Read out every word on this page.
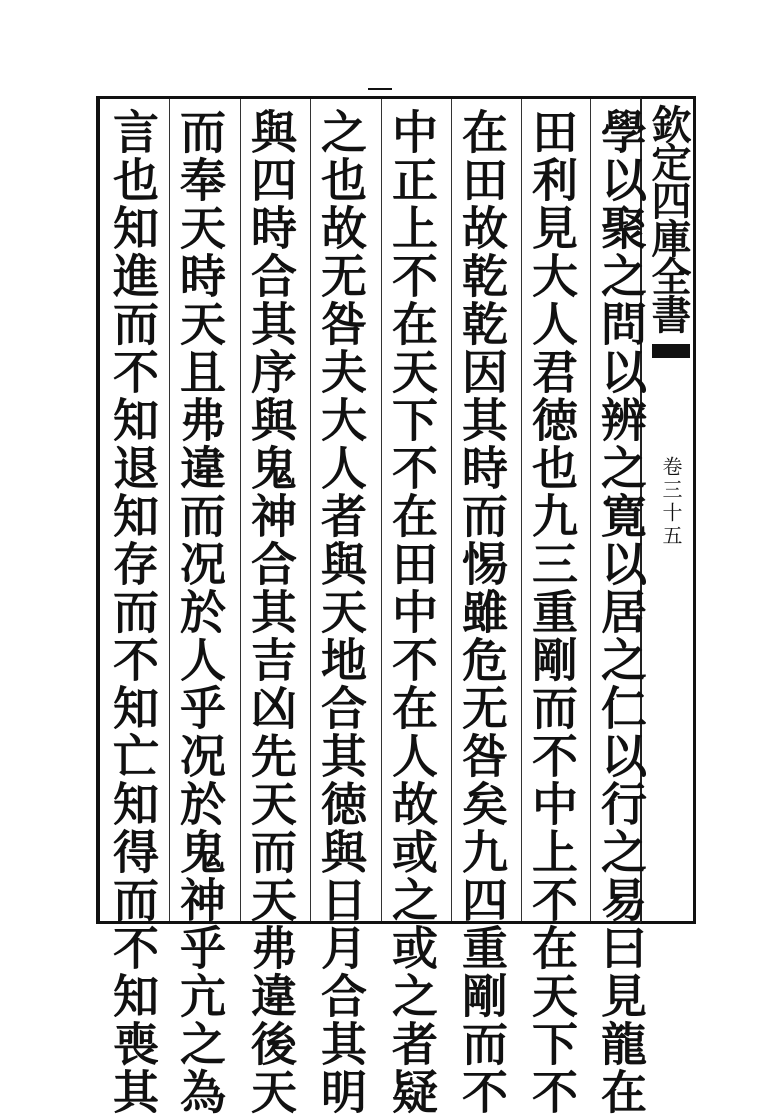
欽定四庫全書
卷三十五
學以聚之問以辨之寛以居之仁以行之易曰見龍在
田利見大人君徳也九三重剛而不中上不在天下不
在田故乾乾因其時而惕雖危无咎矣九四重剛而不
中正上不在天下不在田中不在人故或之或之者疑
之也故无咎夫大人者與天地合其徳與日月合其明
與四時合其序與鬼神合其吉凶先天而天弗違後天
而奉天時天且弗違而况於人乎况於鬼神乎亢之為
言也知進而不知退知存而不知亡知得而不知喪其
